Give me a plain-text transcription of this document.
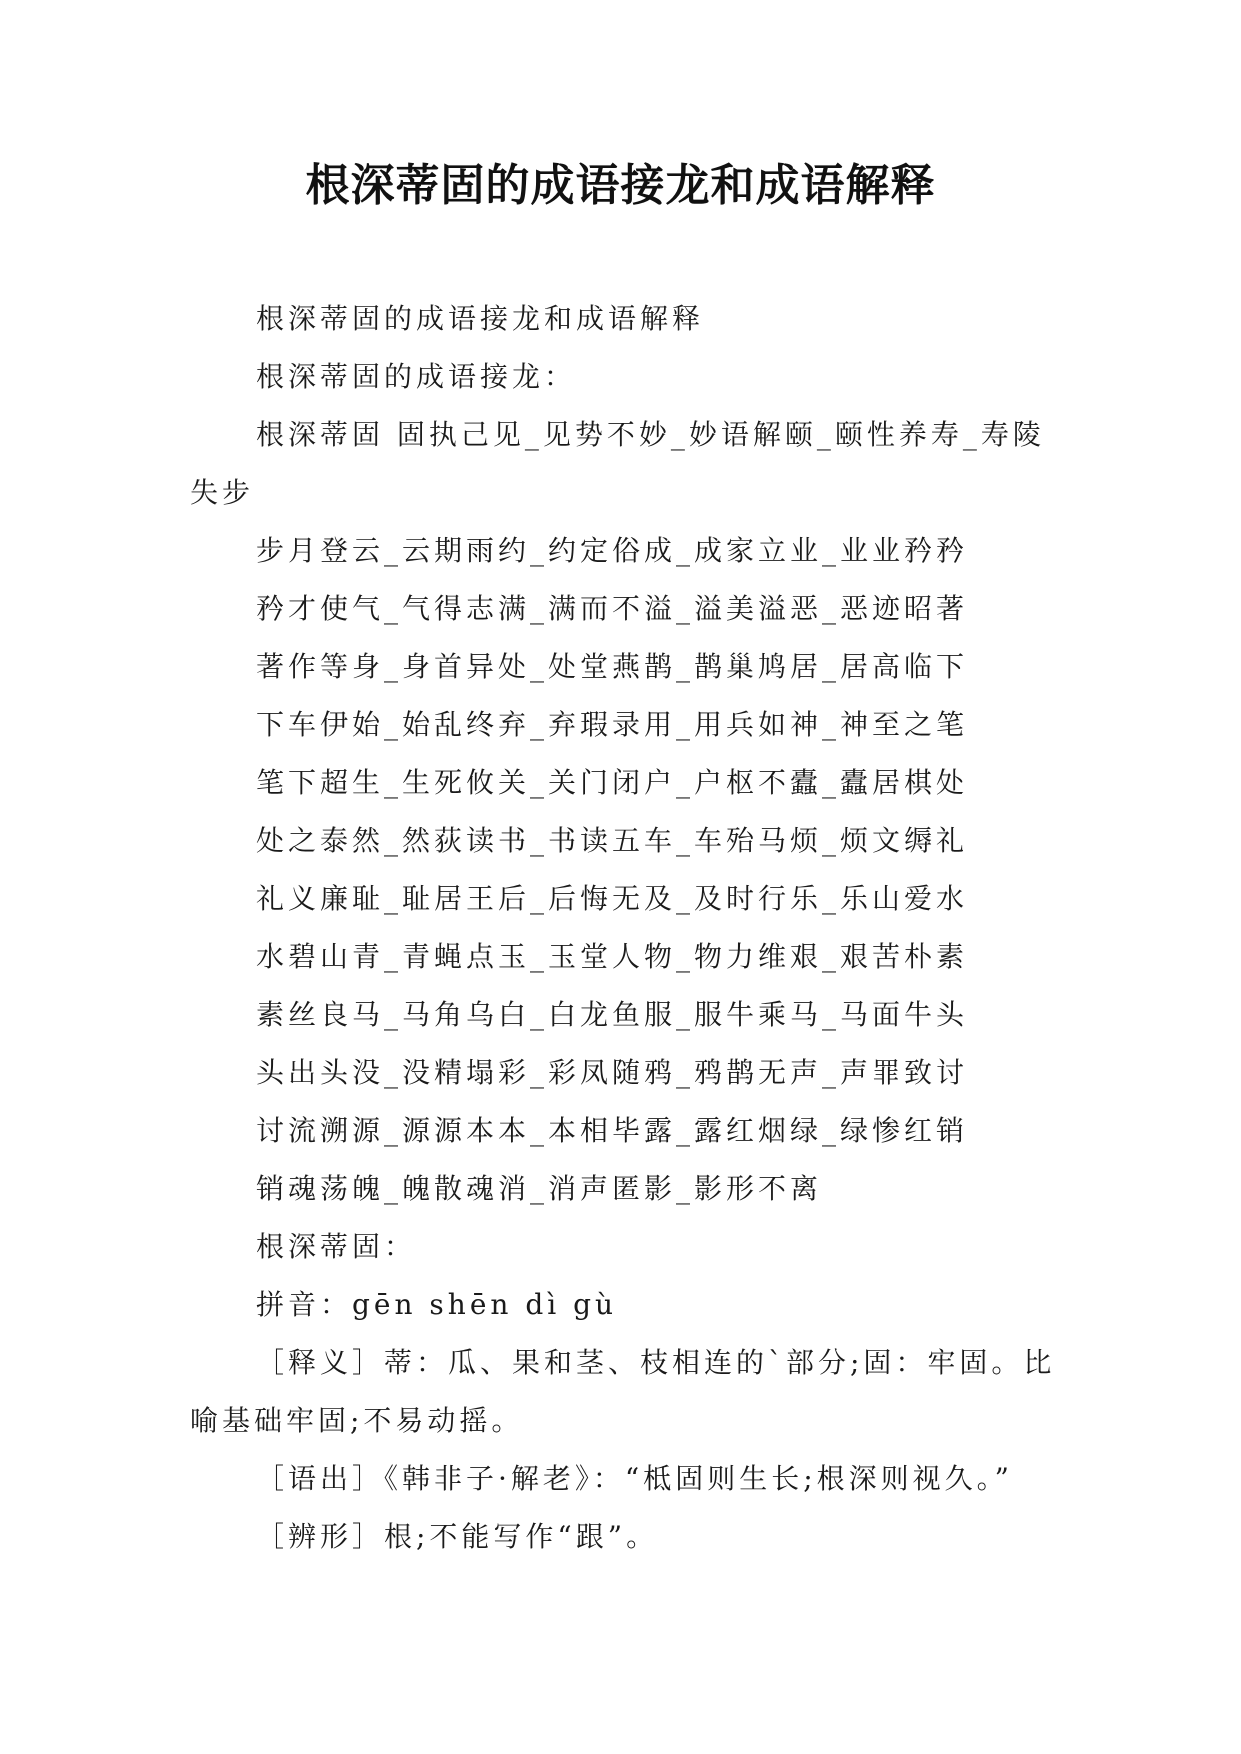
根深蒂固的成语接龙和成语解释

根深蒂固的成语接龙和成语解释

根深蒂固的成语接龙：

根深蒂固 固执己见_见势不妙_妙语解颐_颐性养寿_寿陵失步

步月登云_云期雨约_约定俗成_成家立业_业业矜矜

矜才使气_气得志满_满而不溢_溢美溢恶_恶迹昭著

著作等身_身首异处_处堂燕鹊_鹊巢鸠居_居高临下

下车伊始_始乱终弃_弃瑕录用_用兵如神_神至之笔

笔下超生_生死攸关_关门闭户_户枢不蠹_蠹居棋处

处之泰然_然荻读书_书读五车_车殆马烦_烦文缛礼

礼义廉耻_耻居王后_后悔无及_及时行乐_乐山爱水

水碧山青_青蝇点玉_玉堂人物_物力维艰_艰苦朴素

素丝良马_马角乌白_白龙鱼服_服牛乘马_马面牛头

头出头没_没精塌彩_彩凤随鸦_鸦鹊无声_声罪致讨

讨流溯源_源源本本_本相毕露_露红烟绿_绿惨红销

销魂荡魄_魄散魂消_消声匿影_影形不离

根深蒂固：

拼音：gēn shēn dì gù

［释义］蒂：瓜、果和茎、枝相连的`部分;固：牢固。比喻基础牢固;不易动摇。

［语出］《韩非子·解老》：“柢固则生长;根深则视久。”

［辨形］根;不能写作“跟”。
